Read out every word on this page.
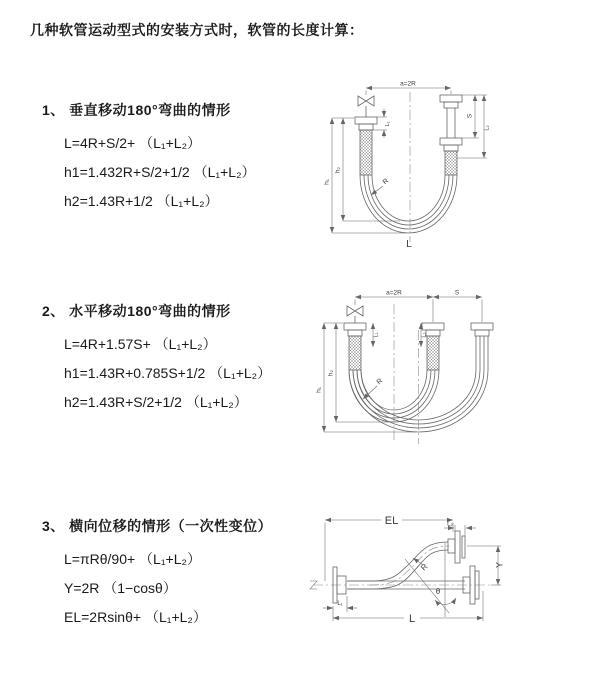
几种软管运动型式的安装方式时，软管的长度计算：
1、 垂直移动180°弯曲的情形

L=4R+S/2+ （L₁+L₂）

h1=1.432R+S/2+1/2 （L₁+L₂）

h2=1.43R+1/2 （L₁+L₂）

2、 水平移动180°弯曲的情形

L=4R+1.57S+ （L₁+L₂）

h1=1.43R+0.785S+1/2 （L₁+L₂）

h2=1.43R+S/2+1/2 （L₁+L₂）

3、 横向位移的情形（一次性变位）

L=πRθ/90+ （L₁+L₂）

Y=2R （1−cosθ）

EL=2Rsinθ+ （L₁+L₂）

a=2R
h₁
h₂
L₁
S
L₂
R
L
a=2R	S
L₁	L₂
h₁
h₂
R
EL	L₂
Y
R
θ
L
L₁
